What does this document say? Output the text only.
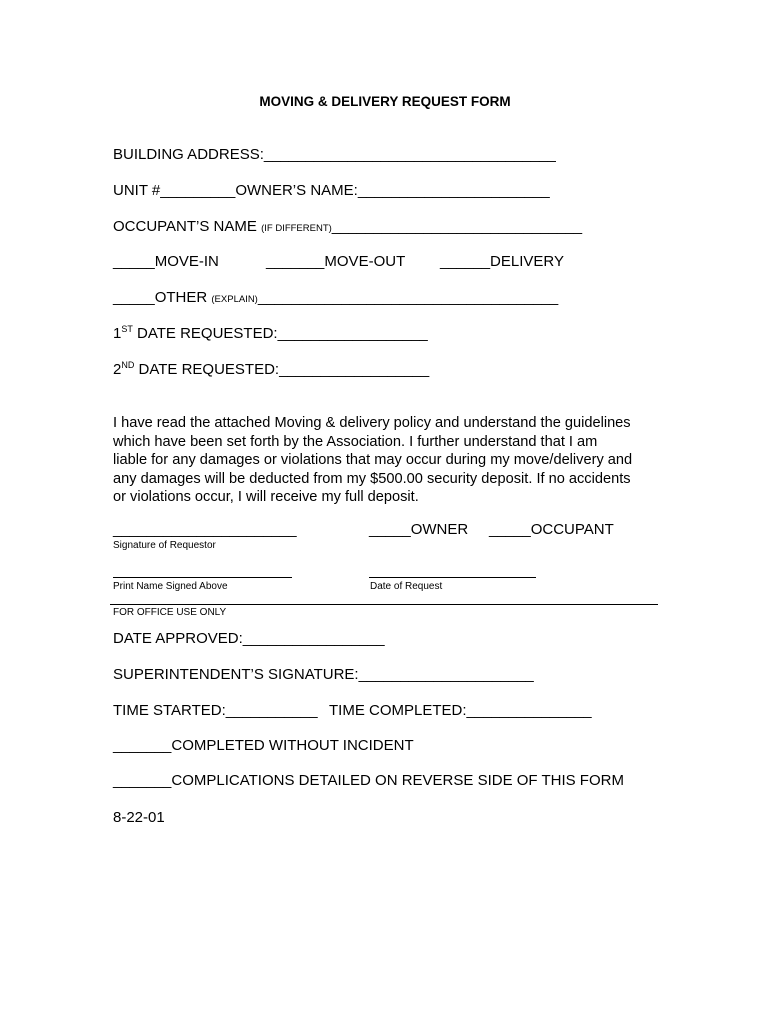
MOVING & DELIVERY REQUEST FORM
BUILDING ADDRESS:___________________________________
UNIT #_________OWNER’S NAME:_______________________
OCCUPANT’S NAME (IF DIFFERENT)______________________________
_____MOVE-IN	_______MOVE-OUT ______DELIVERY
_____OTHER (EXPLAIN)____________________________________
1ST DATE REQUESTED:__________________
2ND DATE REQUESTED:__________________
I have read the attached Moving & delivery policy and understand the guidelines
which have been set forth by the Association. I further understand that I am
liable for any damages or violations that may occur during my move/delivery and
any damages will be deducted from my $500.00 security deposit. If no accidents
or violations occur, I will receive my full deposit.
______________________	_____OWNER _____OCCUPANT
Signature of Requestor
Print Name Signed Above	Date of Request
FOR OFFICE USE ONLY
DATE APPROVED:_________________
SUPERINTENDENT’S SIGNATURE:_____________________
TIME STARTED:___________ TIME COMPLETED:_______________
_______COMPLETED WITHOUT INCIDENT
_______COMPLICATIONS DETAILED ON REVERSE SIDE OF THIS FORM
8-22-01
